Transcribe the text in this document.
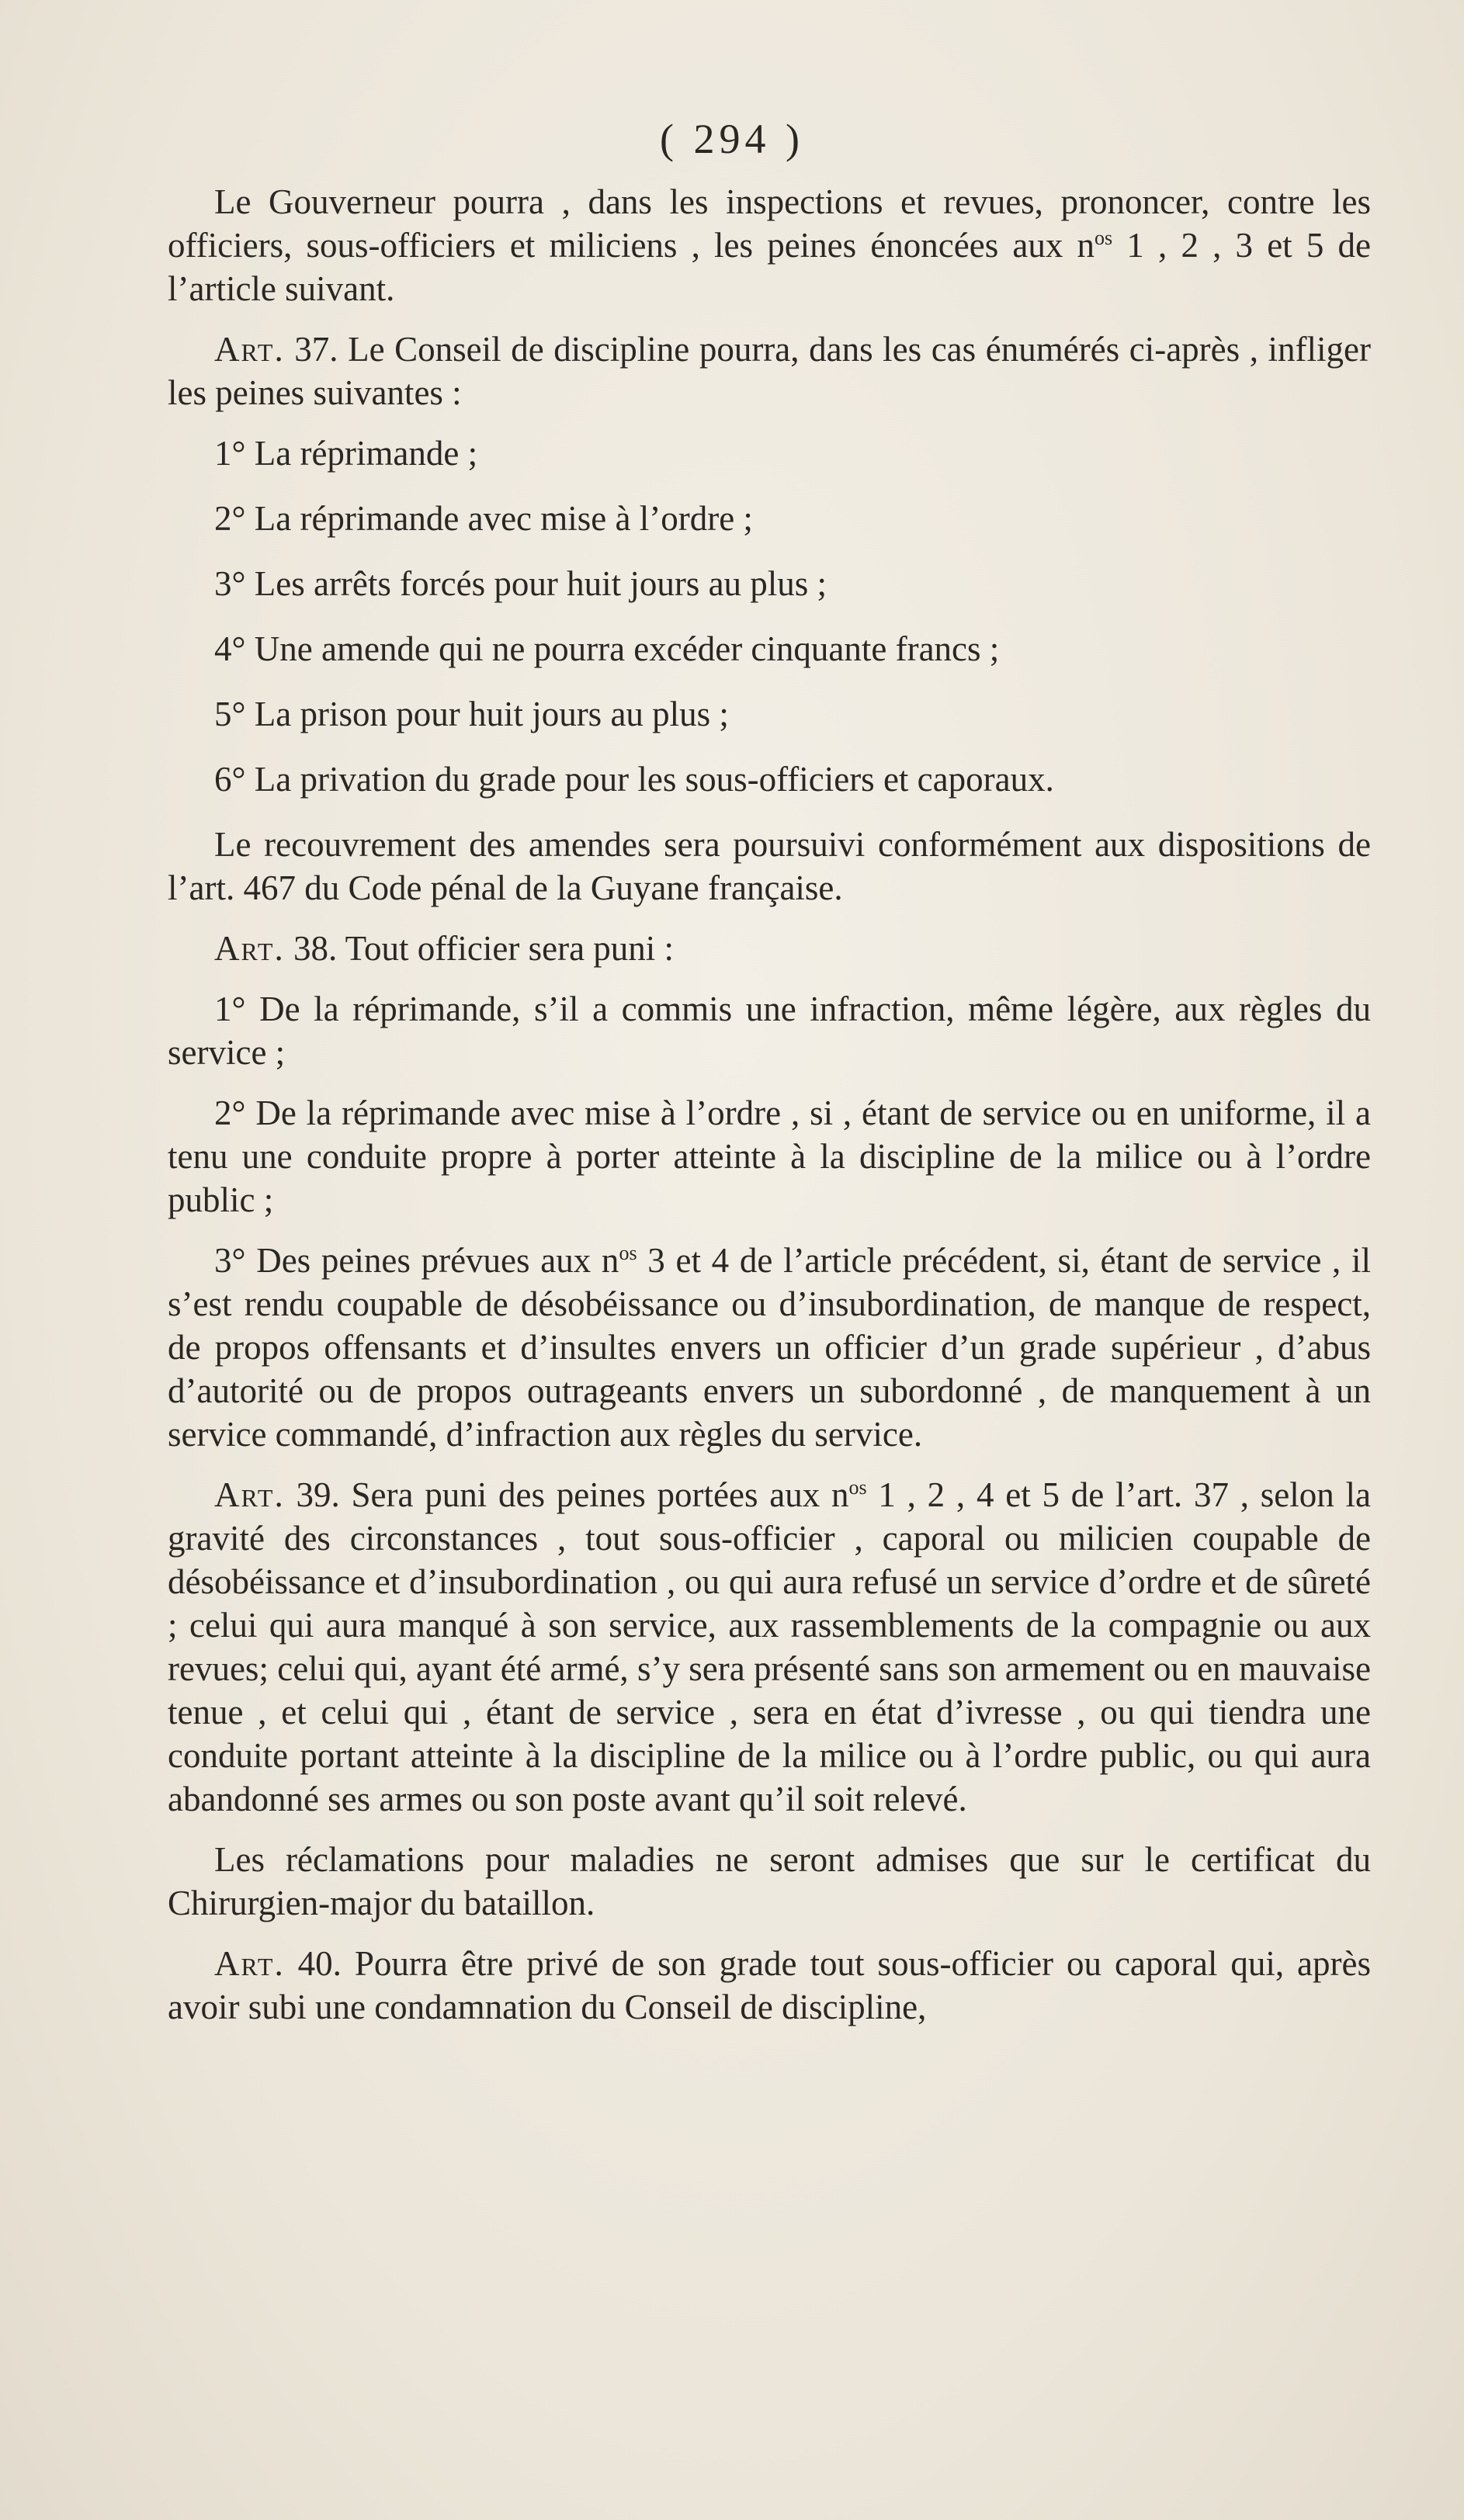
( 294 )

Le Gouverneur pourra , dans les inspections et revues, prononcer, contre les officiers, sous-officiers et miliciens , les peines énoncées aux $n^{os}$ 1 , 2 , 3 et 5 de l’article suivant.

Art. 37. Le Conseil de discipline pourra, dans les cas énumérés ci-après , infliger les peines suivantes :

1° La réprimande ;

2° La réprimande avec mise à l’ordre ;

3° Les arrêts forcés pour huit jours au plus ;

4° Une amende qui ne pourra excéder cinquante francs ;

5° La prison pour huit jours au plus ;

6° La privation du grade pour les sous-officiers et caporaux.

Le recouvrement des amendes sera poursuivi conformément aux dispositions de l’art. 467 du Code pénal de la Guyane française.

Art. 38. Tout officier sera puni :

1° De la réprimande, s’il a commis une infraction, même légère, aux règles du service ;

2° De la réprimande avec mise à l’ordre , si , étant de service ou en uniforme, il a tenu une conduite propre à porter atteinte à la discipline de la milice ou à l’ordre public ;

3° Des peines prévues aux $n^{os}$ 3 et 4 de l’article précédent, si, étant de service , il s’est rendu coupable de désobéissance ou d’insubordination, de manque de respect, de propos offensants et d’insultes envers un officier d’un grade supérieur , d’abus d’autorité ou de propos outrageants envers un subordonné , de manquement à un service commandé, d’infraction aux règles du service.

Art. 39. Sera puni des peines portées aux $n^{os}$ 1 , 2 , 4 et 5 de l’art. 37 , selon la gravité des circonstances , tout sous-officier , caporal ou milicien coupable de désobéissance et d’insubordination , ou qui aura refusé un service d’ordre et de sûreté ; celui qui aura manqué à son service, aux rassemblements de la compagnie ou aux revues; celui qui, ayant été armé, s’y sera présenté sans son armement ou en mauvaise tenue , et celui qui , étant de service , sera en état d’ivresse , ou qui tiendra une conduite portant atteinte à la discipline de la milice ou à l’ordre public, ou qui aura abandonné ses armes ou son poste avant qu’il soit relevé.

Les réclamations pour maladies ne seront admises que sur le certificat du Chirurgien-major du bataillon.

Art. 40. Pourra être privé de son grade tout sous-officier ou caporal qui, après avoir subi une condamnation du Conseil de discipline,
